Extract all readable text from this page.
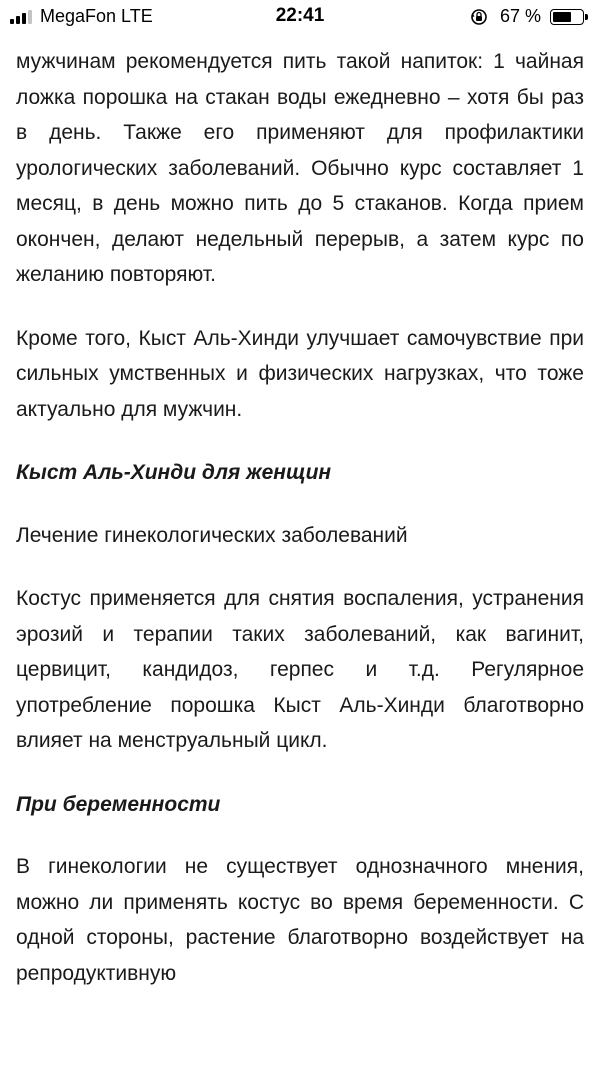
MegaFon LTE	22:41	67 %

мужчинам рекомендуется пить такой напиток: 1 чайная ложка порошка на стакан воды ежедневно – хотя бы раз в день. Также его применяют для профилактики урологических заболеваний. Обычно курс составляет 1 месяц, в день можно пить до 5 стаканов. Когда прием окончен, делают недельный перерыв, а затем курс по желанию повторяют.

Кроме того, Кыст Аль-Хинди улучшает самочувствие при сильных умственных и физических нагрузках, что тоже актуально для мужчин.

Кыст Аль-Хинди для женщин

Лечение гинекологических заболеваний

Костус применяется для снятия воспаления, устранения эрозий и терапии таких заболеваний, как вагинит, цервицит, кандидоз, герпес и т.д. Регулярное употребление порошка Кыст Аль-Хинди благотворно влияет на менструальный цикл.

При беременности

В гинекологии не существует однозначного мнения, можно ли применять костус во время беременности. С одной стороны, растение благотворно воздействует на репродуктивную
